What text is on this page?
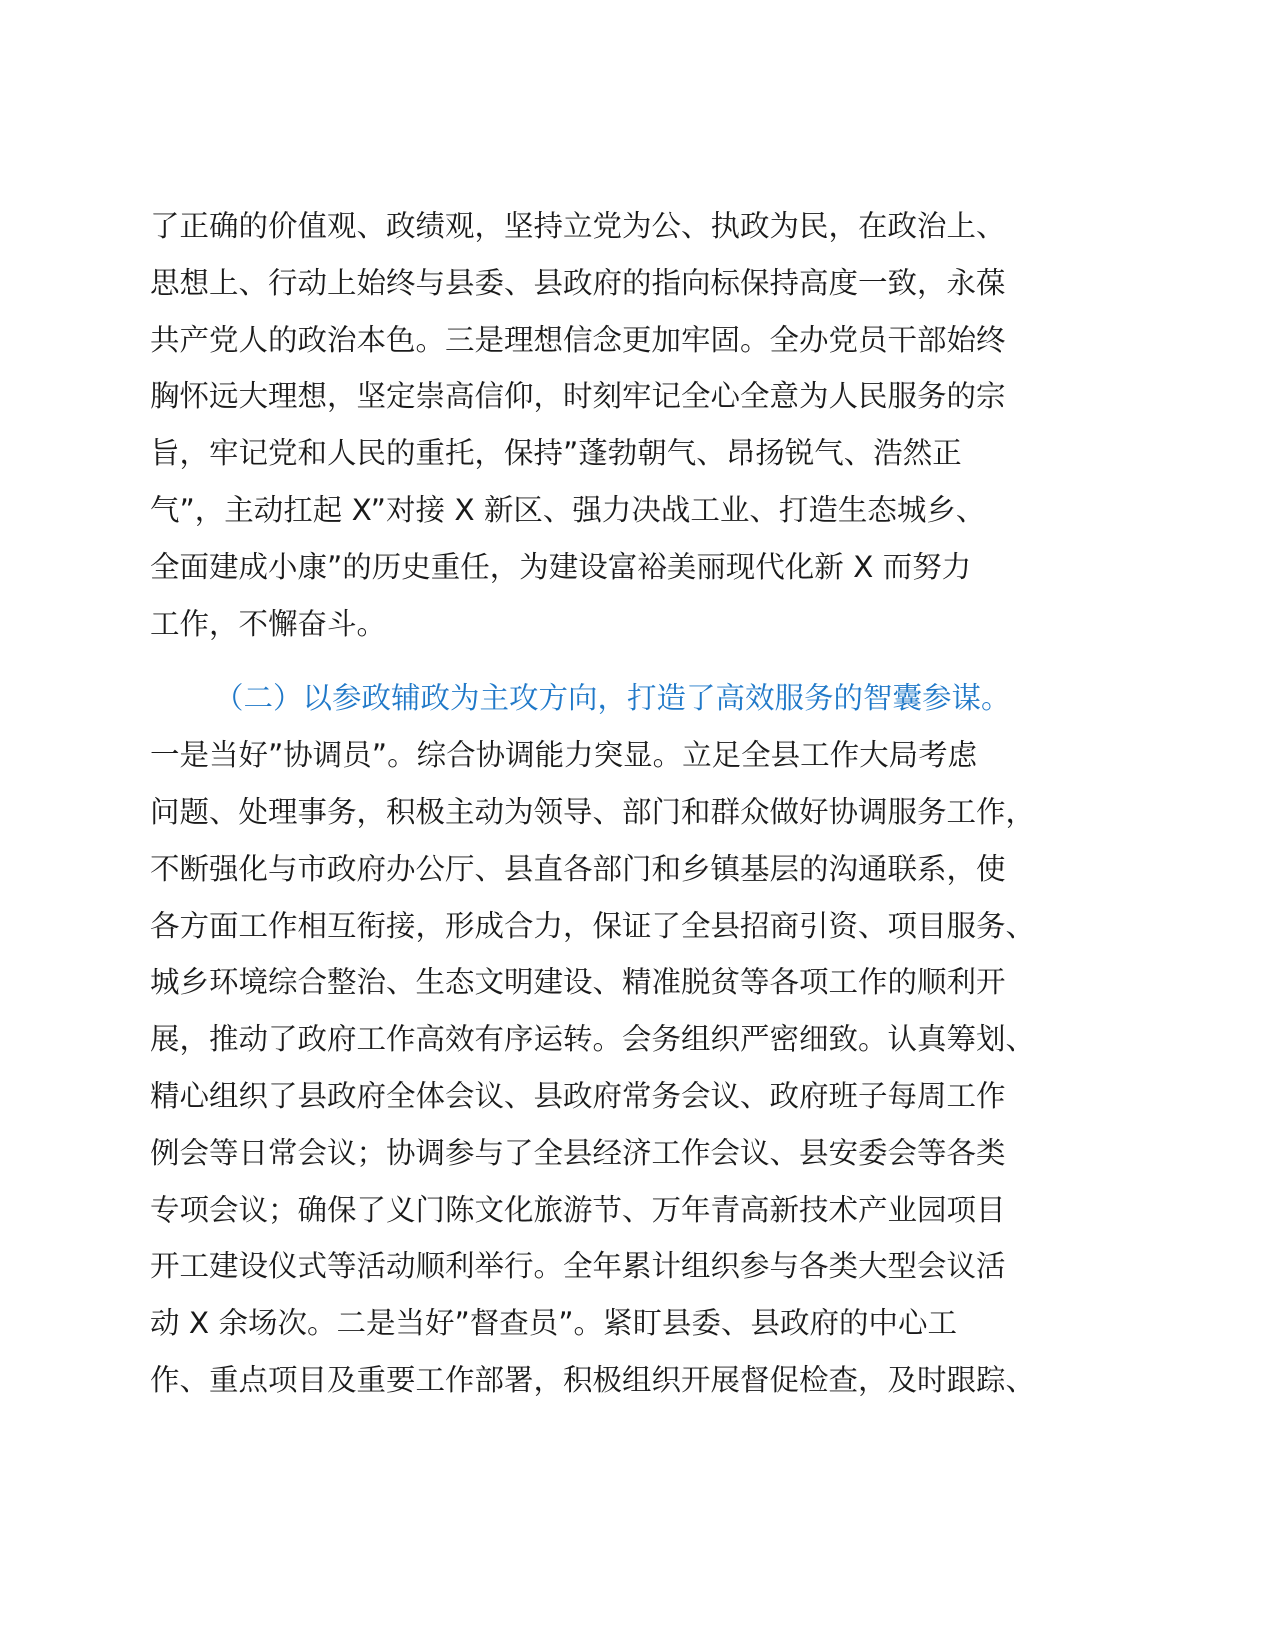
了正确的价值观、政绩观，坚持立党为公、执政为民，在政治上、
思想上、行动上始终与县委、县政府的指向标保持高度一致，永葆
共产党人的政治本色。三是理想信念更加牢固。全办党员干部始终
胸怀远大理想，坚定崇高信仰，时刻牢记全心全意为人民服务的宗
旨，牢记党和人民的重托，保持”蓬勃朝气、昂扬锐气、浩然正
气”，主动扛起 X”对接 X 新区、强力决战工业、打造生态城乡、
全面建成小康”的历史重任，为建设富裕美丽现代化新 X 而努力
工作，不懈奋斗。
（二）以参政辅政为主攻方向，打造了高效服务的智囊参谋。
一是当好”协调员”。综合协调能力突显。立足全县工作大局考虑
问题、处理事务，积极主动为领导、部门和群众做好协调服务工作，
不断强化与市政府办公厅、县直各部门和乡镇基层的沟通联系，使
各方面工作相互衔接，形成合力，保证了全县招商引资、项目服务、
城乡环境综合整治、生态文明建设、精准脱贫等各项工作的顺利开
展，推动了政府工作高效有序运转。会务组织严密细致。认真筹划、
精心组织了县政府全体会议、县政府常务会议、政府班子每周工作
例会等日常会议；协调参与了全县经济工作会议、县安委会等各类
专项会议；确保了义门陈文化旅游节、万年青高新技术产业园项目
开工建设仪式等活动顺利举行。全年累计组织参与各类大型会议活
动 X 余场次。二是当好”督查员”。紧盯县委、县政府的中心工
作、重点项目及重要工作部署，积极组织开展督促检查，及时跟踪、
